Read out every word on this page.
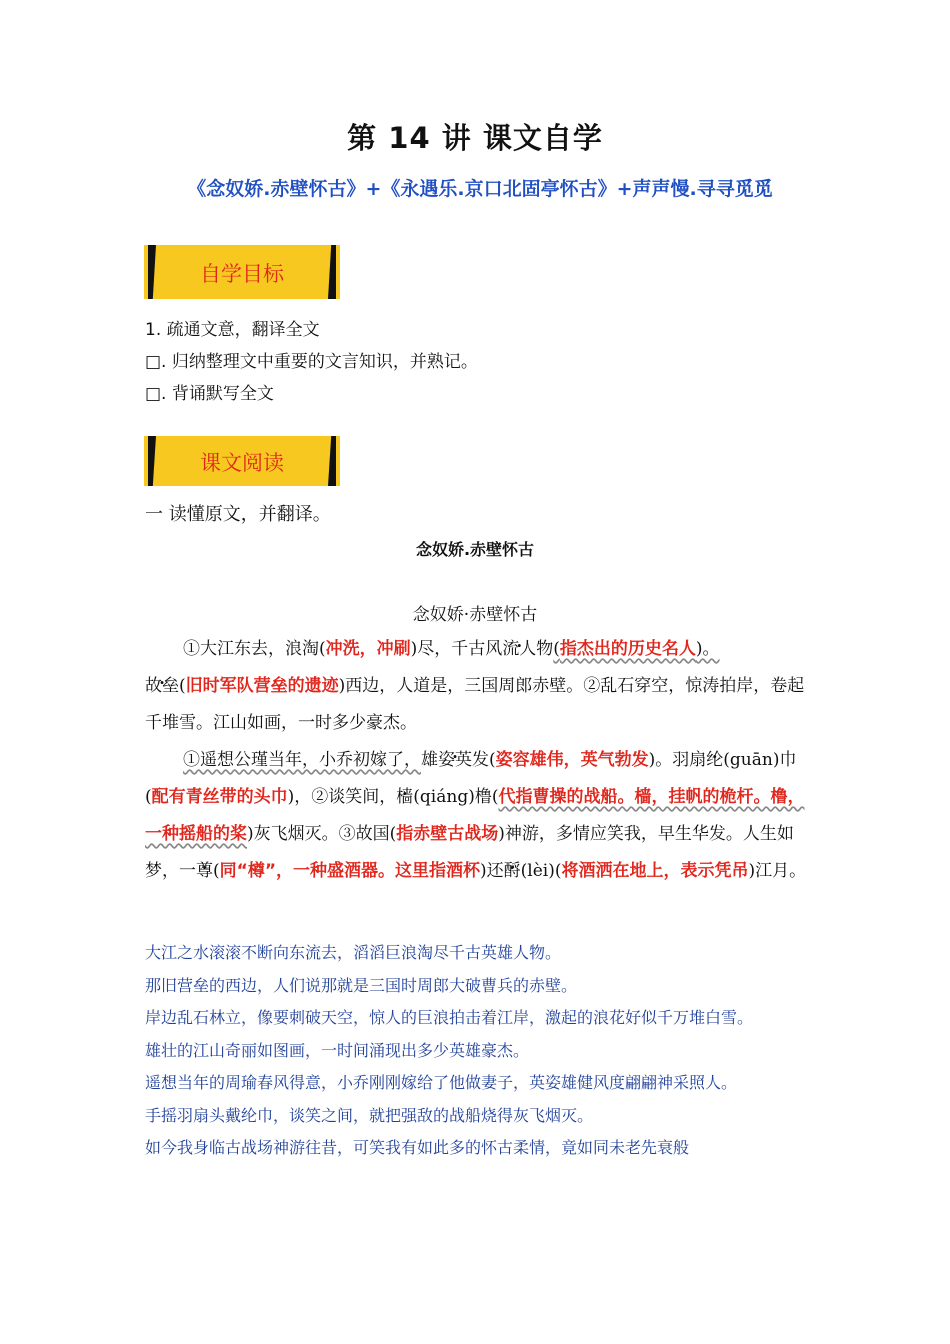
第 14 讲 课文自学
《念奴娇.赤壁怀古》+《永遇乐.京口北固亭怀古》+声声慢.寻寻觅觅
自学目标
1. 疏通文意，翻译全文
□. 归纳整理文中重要的文言知识，并熟记。
□. 背诵默写全文
课文阅读
一 读懂原文，并翻译。
念奴娇.赤壁怀古
念奴娇·赤壁怀古
①大江东去，浪淘(冲洗，冲刷)尽，千古风流人物(指杰出的历史名人)。
故垒(旧时军队营垒的遗迹)西边，人道是，三国周郎赤壁。②乱石穿空，惊涛拍岸，卷起千堆雪。江山如画，一时多少豪杰。
①遥想公瑾当年，小乔初嫁了，雄姿英发(姿容雄伟，英气勃发)。羽扇纶(guān)巾(配有青丝带的头巾)，②谈笑间，樯(qiáng)橹(代指曹操的战船。樯，挂帆的桅杆。橹，一种摇船的桨)灰飞烟灭。③故国(指赤壁古战场)神游，多情应笑我，早生华发。人生如梦，一尊(同“樽”，一种盛酒器。这里指酒杯)还酹(lèi)(将酒洒在地上，表示凭吊)江月。
大江之水滚滚不断向东流去，滔滔巨浪淘尽千古英雄人物。
那旧营垒的西边，人们说那就是三国时周郎大破曹兵的赤壁。
岸边乱石林立，像要刺破天空，惊人的巨浪拍击着江岸，激起的浪花好似千万堆白雪。
雄壮的江山奇丽如图画，一时间涌现出多少英雄豪杰。
遥想当年的周瑜春风得意，小乔刚刚嫁给了他做妻子，英姿雄健风度翩翩神采照人。
手摇羽扇头戴纶巾，谈笑之间，就把强敌的战船烧得灰飞烟灭。
如今我身临古战场神游往昔，可笑我有如此多的怀古柔情，竟如同未老先衰般
